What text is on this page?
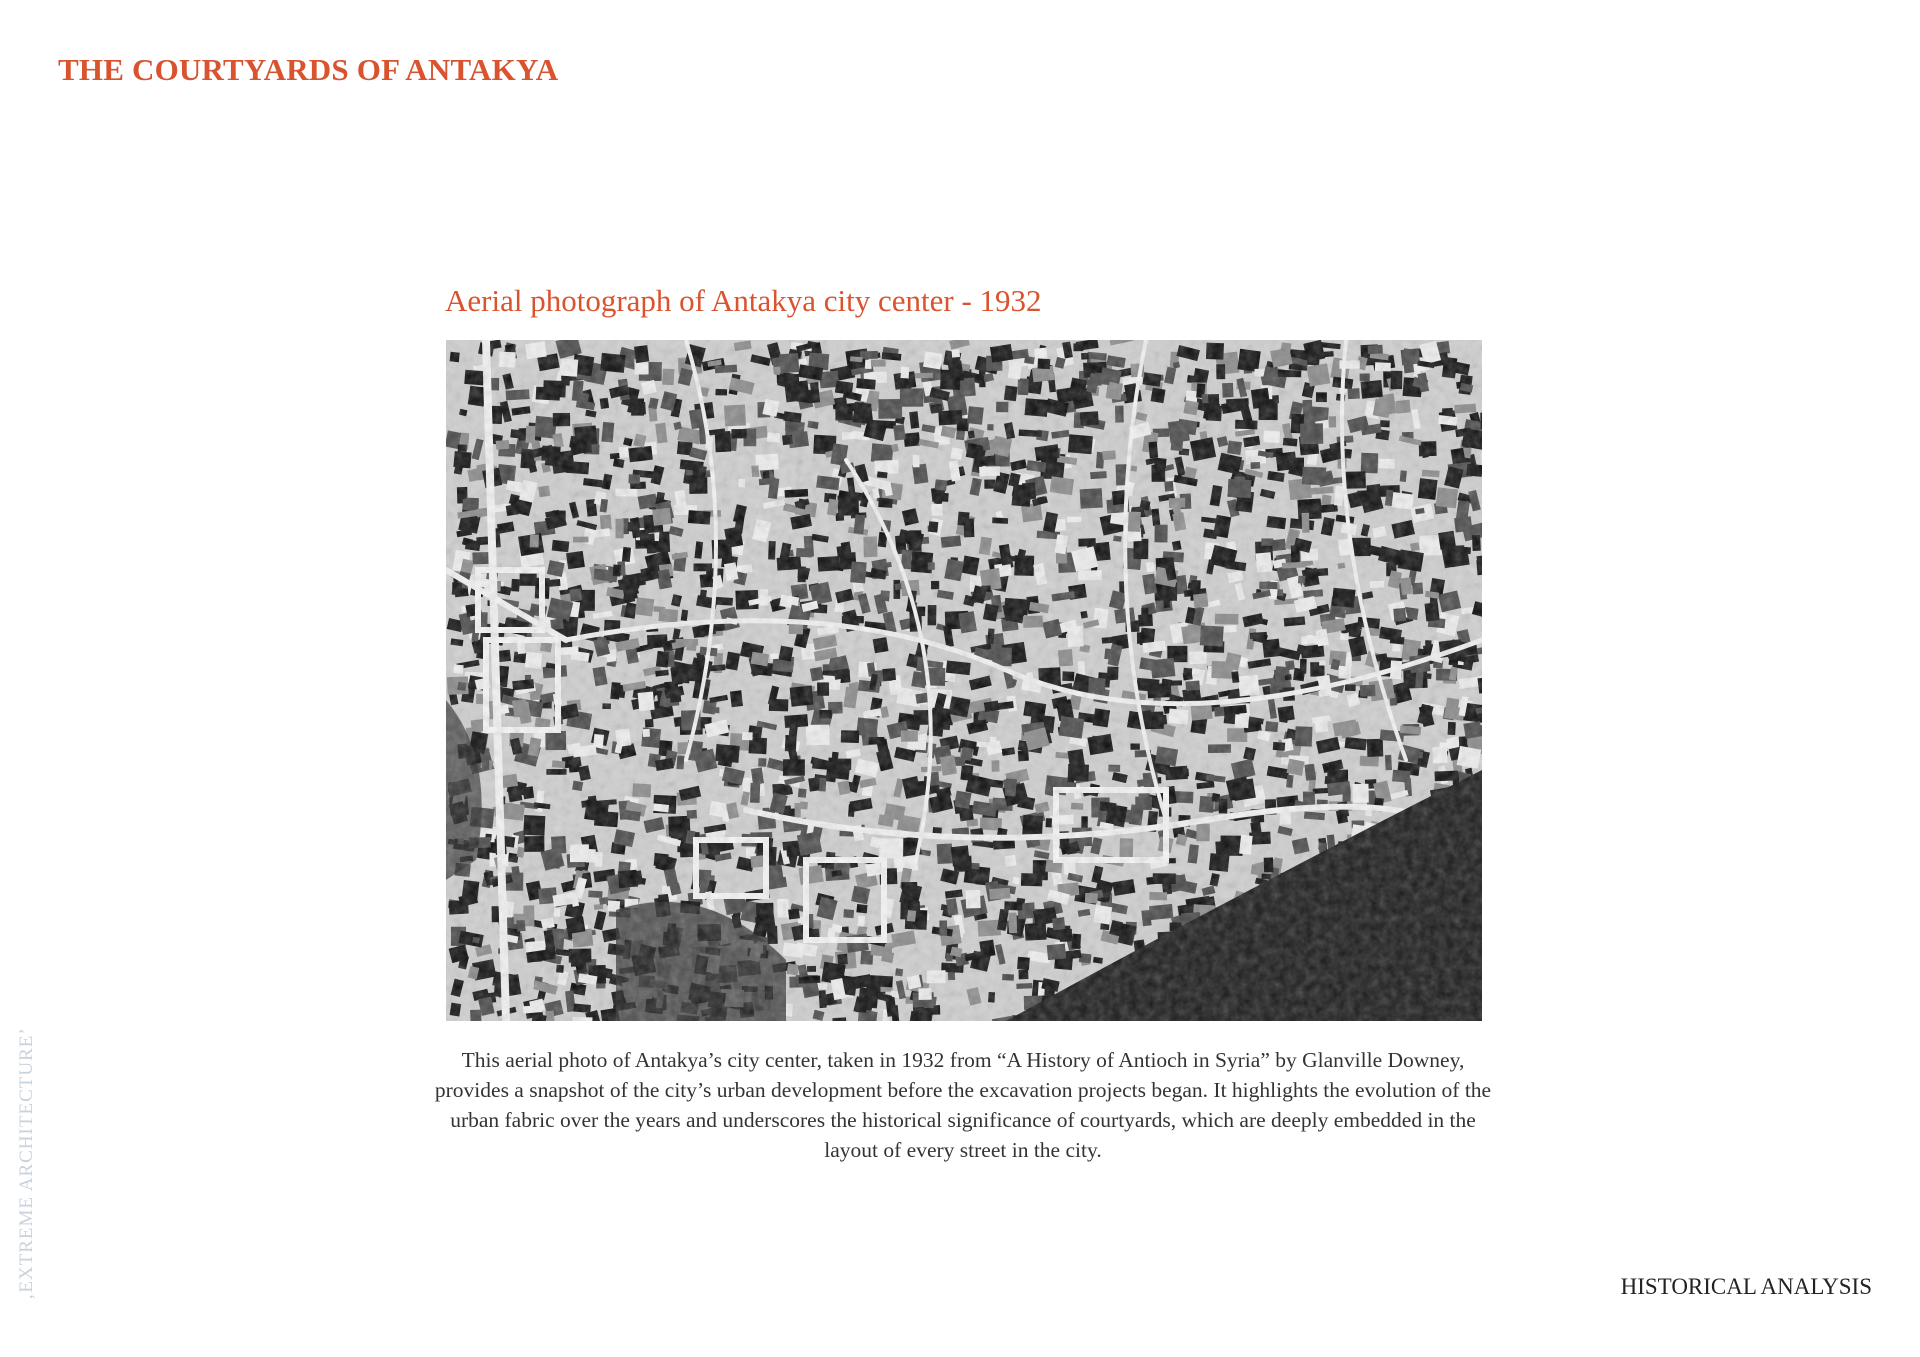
THE COURTYARDS OF ANTAKYA
Aerial photograph of Antakya city center - 1932

This aerial photo of Antakya’s city center, taken in 1932 from “A History of Antioch in Syria” by Glanville Downey, provides a snapshot of the city’s urban development before the excavation projects began. It highlights the evolution of the urban fabric over the years and underscores the historical significance of courtyards, which are deeply embedded in the layout of every street in the city.

‚EXTREME ARCHITECTURE’	HISTORICAL ANALYSIS
